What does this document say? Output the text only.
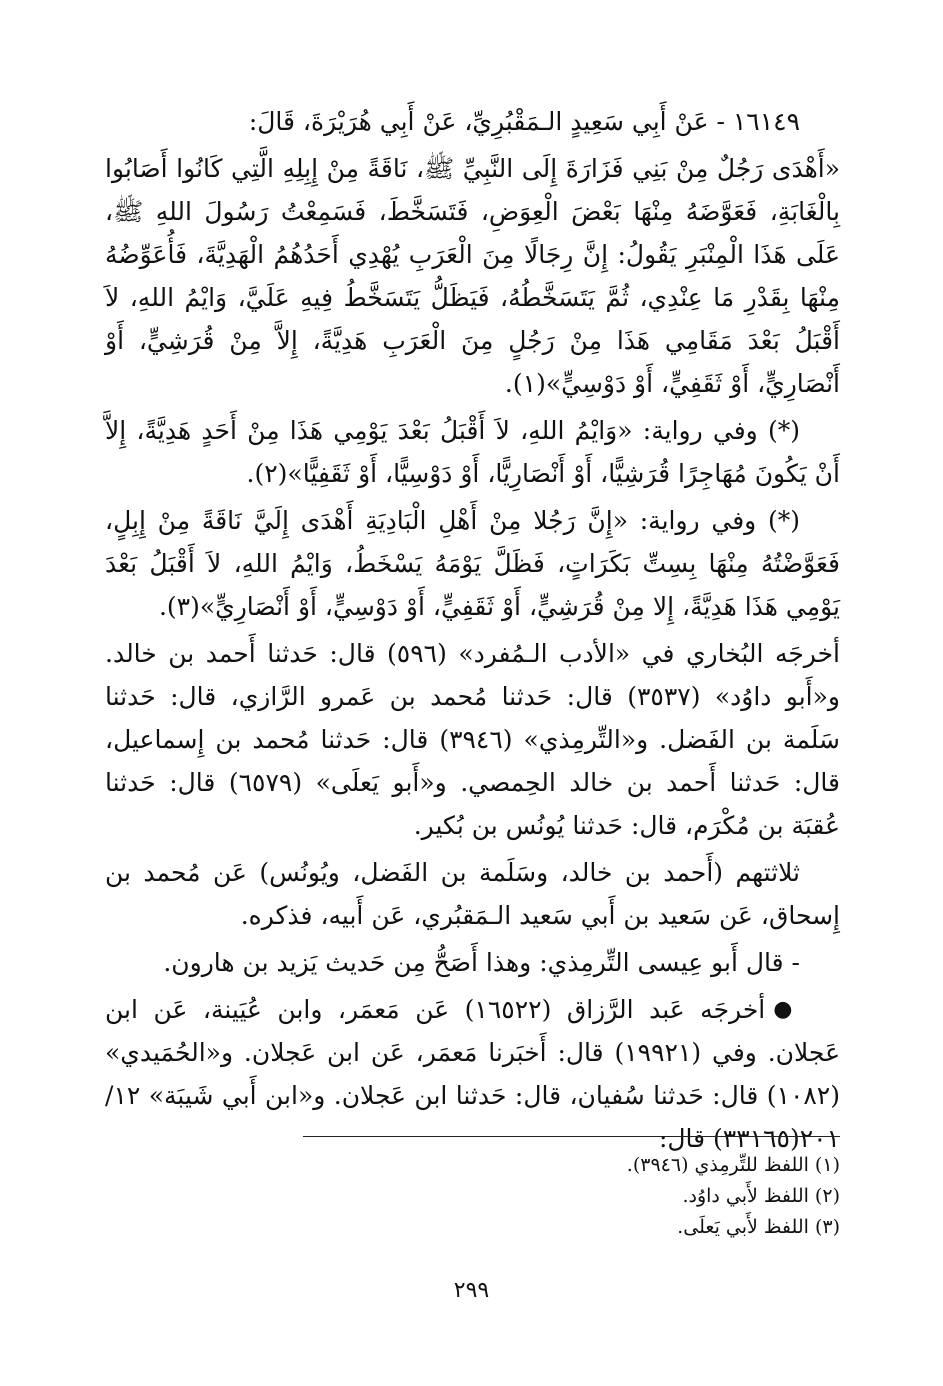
١٦١٤٩ - عَنْ أَبِي سَعِيدٍ الـمَقْبُرِيِّ، عَنْ أَبِي هُرَيْرَةَ، قَالَ:

«أَهْدَى رَجُلٌ مِنْ بَنِي فَزَارَةَ إِلَى النَّبِيِّ ﷺ، نَاقَةً مِنْ إِبِلِهِ الَّتِي كَانُوا أَصَابُوا بِالْغَابَةِ، فَعَوَّضَهُ مِنْهَا بَعْضَ الْعِوَضِ، فَتَسَخَّطَ، فَسَمِعْتُ رَسُولَ اللهِ ﷺ، عَلَى هَذَا الْمِنْبَرِ يَقُولُ: إِنَّ رِجَالًا مِنَ الْعَرَبِ يُهْدِي أَحَدُهُمُ الْهَدِيَّةَ، فَأُعَوِّضُهُ مِنْهَا بِقَدْرِ مَا عِنْدِي، ثُمَّ يَتَسَخَّطُهُ، فَيَظَلُّ يَتَسَخَّطُ فِيهِ عَلَيَّ، وَايْمُ اللهِ، لاَ أَقْبَلُ بَعْدَ مَقَامِي هَذَا مِنْ رَجُلٍ مِنَ الْعَرَبِ هَدِيَّةً، إِلاَّ مِنْ قُرَشِيٍّ، أَوْ أَنْصَارِيٍّ، أَوْ ثَقَفِيٍّ، أَوْ دَوْسِيٍّ»(١).

(*) وفي رواية: «وَايْمُ اللهِ، لاَ أَقْبَلُ بَعْدَ يَوْمِي هَذَا مِنْ أَحَدٍ هَدِيَّةً، إِلاَّ أَنْ يَكُونَ مُهَاجِرًا قُرَشِيًّا، أَوْ أَنْصَارِيًّا، أَوْ دَوْسِيًّا، أَوْ ثَقَفِيًّا»(٢).

(*) وفي رواية: «إِنَّ رَجُلا مِنْ أَهْلِ الْبَادِيَةِ أَهْدَى إِلَيَّ نَاقَةً مِنْ إِبِلٍ، فَعَوَّضْتُهُ مِنْهَا بِسِتِّ بَكَرَاتٍ، فَظَلَّ يَوْمَهُ يَسْخَطُ، وَايْمُ اللهِ، لاَ أَقْبَلُ بَعْدَ يَوْمِي هَذَا هَدِيَّةً، إِلا مِنْ قُرَشِيٍّ، أَوْ ثَقَفِيٍّ، أَوْ دَوْسِيٍّ، أَوْ أَنْصَارِيٍّ»(٣).

أخرجَه البُخاري في «الأدب الـمُفرد» (٥٩٦) قال: حَدثنا أَحمد بن خالد. و«أَبو داوُد» (٣٥٣٧) قال: حَدثنا مُحمد بن عَمرو الرَّازي، قال: حَدثنا سَلَمة بن الفَضل. و«التِّرمِذي» (٣٩٤٦) قال: حَدثنا مُحمد بن إِسماعيل، قال: حَدثنا أَحمد بن خالد الحِمصي. و«أَبو يَعلَى» (٦٥٧٩) قال: حَدثنا عُقبَة بن مُكْرَم، قال: حَدثنا يُونُس بن بُكير.

ثلاثتهم (أَحمد بن خالد، وسَلَمة بن الفَضل، ويُونُس) عَن مُحمد بن إِسحاق، عَن سَعيد بن أَبي سَعيد الـمَقبُري، عَن أَبيه، فذكره.

- قال أَبو عِيسى التِّرمِذي: وهذا أَصَحُّ مِن حَديث يَزيد بن هارون.

●أخرجَه عَبد الرَّزاق (١٦٥٢٢) عَن مَعمَر، وابن عُيَينة، عَن ابن عَجلان. وفي (١٩٩٢١) قال: أَخبَرنا مَعمَر، عَن ابن عَجلان. و«الحُمَيدي» (١٠٨٢) قال: حَدثنا سُفيان، قال: حَدثنا ابن عَجلان. و«ابن أَبي شَيبَة» ١٢/ ٢٠١(٣٣١٦٥) قال:

(١) اللفظ للتِّرمِذي (٣٩٤٦).
(٢) اللفظ لأَبي داوُد.
(٣) اللفظ لأَبي يَعلَى.
٢٩٩
